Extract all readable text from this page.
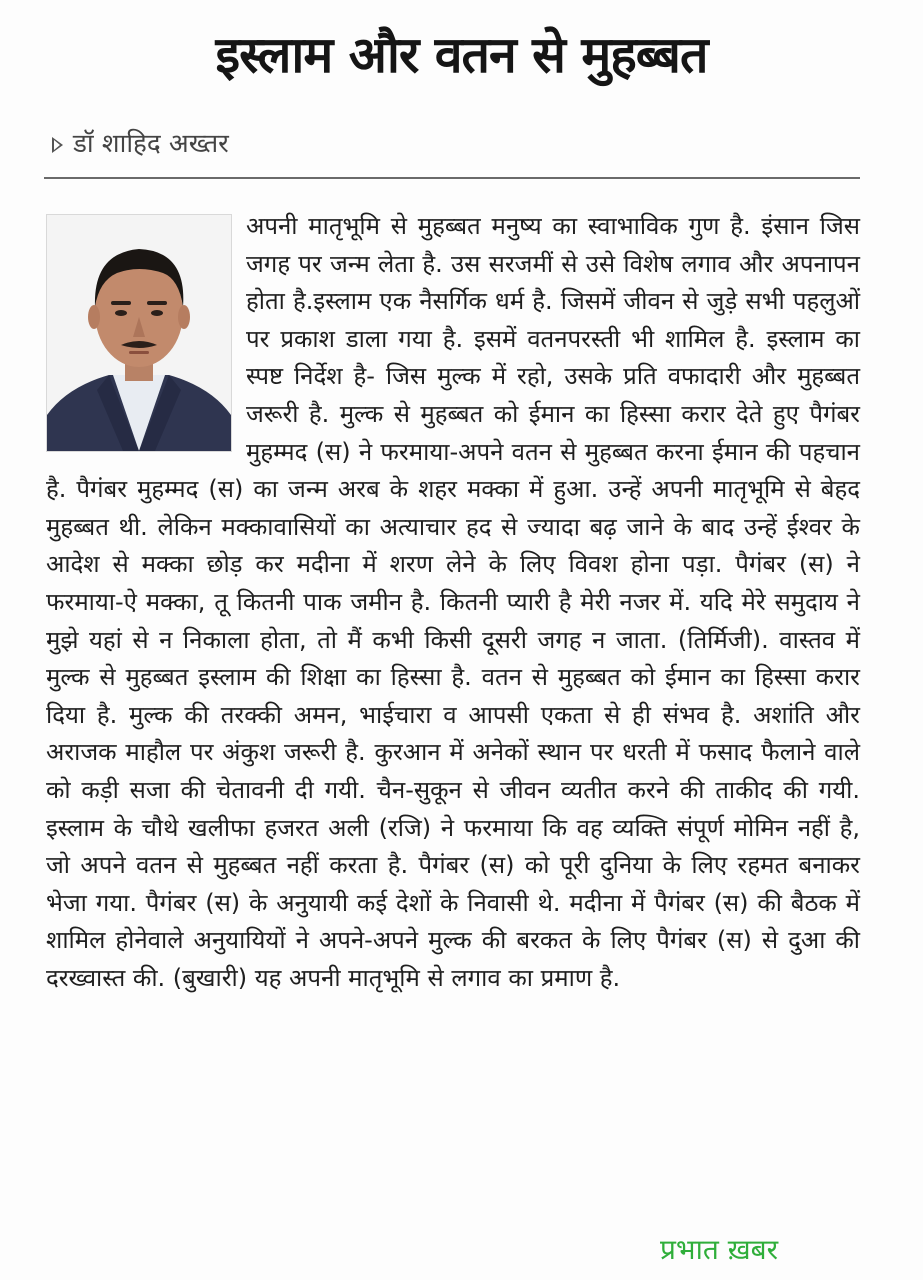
इस्लाम और वतन से मुहब्बत
डॉ शाहिद अख्तर

अपनी मातृभूमि से मुहब्बत मनुष्य का स्वाभाविक गुण है. इंसान जिस जगह पर जन्म लेता है. उस सरजमीं से उसे विशेष लगाव और अपनापन होता है.इस्लाम एक नैसर्गिक धर्म है. जिसमें जीवन से जुड़े सभी पहलुओं पर प्रकाश डाला गया है. इसमें वतनपरस्ती भी शामिल है. इस्लाम का स्पष्ट निर्देश है- जिस मुल्क में रहो, उसके प्रति वफादारी और मुहब्बत जरूरी है. मुल्क से मुहब्बत को ईमान का हिस्सा करार देते हुए पैगंबर मुहम्मद (स) ने फरमाया-अपने वतन से मुहब्बत करना ईमान की पहचान है. पैगंबर मुहम्मद (स) का जन्म अरब के शहर मक्का में हुआ. उन्हें अपनी मातृभूमि से बेहद मुहब्बत थी. लेकिन मक्कावासियों का अत्याचार हद से ज्यादा बढ़ जाने के बाद उन्हें ईश्वर के आदेश से मक्का छोड़ कर मदीना में शरण लेने के लिए विवश होना पड़ा. पैगंबर (स) ने फरमाया-ऐ मक्का, तू कितनी पाक जमीन है. कितनी प्यारी है मेरी नजर में. यदि मेरे समुदाय ने मुझे यहां से न निकाला होता, तो मैं कभी किसी दूसरी जगह न जाता. (तिर्मिजी). वास्तव में मुल्क से मुहब्बत इस्लाम की शिक्षा का हिस्सा है. वतन से मुहब्बत को ईमान का हिस्सा करार दिया है. मुल्क की तरक्की अमन, भाईचारा व आपसी एकता से ही संभव है. अशांति और अराजक माहौल पर अंकुश जरूरी है. कुरआन में अनेकों स्थान पर धरती में फसाद फैलाने वाले को कड़ी सजा की चेतावनी दी गयी. चैन-सुकून से जीवन व्यतीत करने की ताकीद की गयी. इस्लाम के चौथे खलीफा हजरत अली (रजि) ने फरमाया कि वह व्यक्ति संपूर्ण मोमिन नहीं है, जो अपने वतन से मुहब्बत नहीं करता है. पैगंबर (स) को पूरी दुनिया के लिए रहमत बनाकर भेजा गया. पैगंबर (स) के अनुयायी कई देशों के निवासी थे. मदीना में पैगंबर (स) की बैठक में शामिल होनेवाले अनुयायियों ने अपने-अपने मुल्क की बरकत के लिए पैगंबर (स) से दुआ की दरख्वास्त की. (बुखारी) यह अपनी मातृभूमि से लगाव का प्रमाण है.

प्रभात ख़बर
